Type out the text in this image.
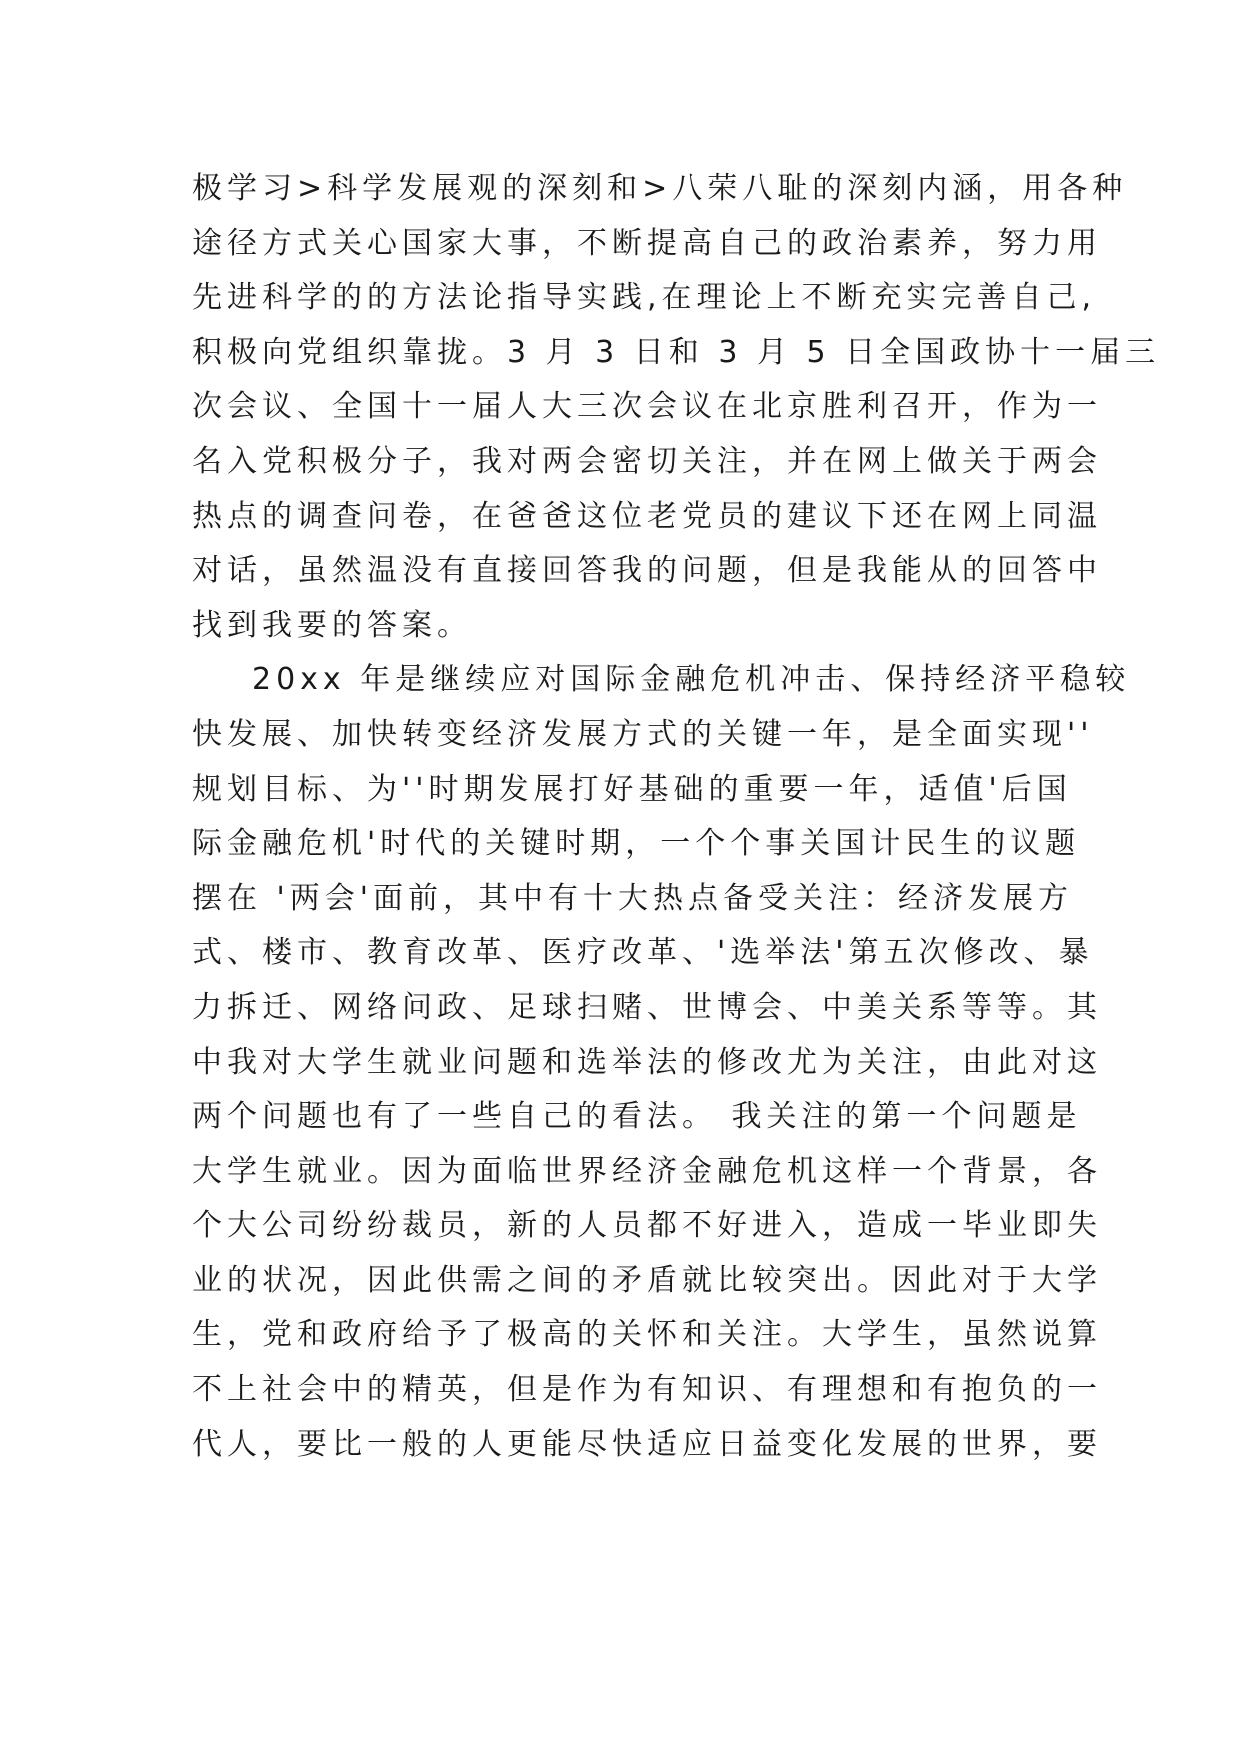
极学习>科学发展观的深刻和>八荣八耻的深刻内涵，用各种
途径方式关心国家大事，不断提高自己的政治素养，努力用
先进科学的的方法论指导实践,在理论上不断充实完善自己,
积极向党组织靠拢。3 月 3 日和 3 月 5 日全国政协十一届三
次会议、全国十一届人大三次会议在北京胜利召开，作为一
名入党积极分子，我对两会密切关注，并在网上做关于两会
热点的调查问卷，在爸爸这位老党员的建议下还在网上同温
对话，虽然温没有直接回答我的问题，但是我能从的回答中
找到我要的答案。
20xx 年是继续应对国际金融危机冲击、保持经济平稳较
快发展、加快转变经济发展方式的关键一年，是全面实现''
规划目标、为''时期发展打好基础的重要一年，适值'后国
际金融危机'时代的关键时期，一个个事关国计民生的议题
摆在 '两会'面前，其中有十大热点备受关注：经济发展方
式、楼市、教育改革、医疗改革、'选举法'第五次修改、暴
力拆迁、网络问政、足球扫赌、世博会、中美关系等等。其
中我对大学生就业问题和选举法的修改尤为关注，由此对这
两个问题也有了一些自己的看法。 我关注的第一个问题是
大学生就业。因为面临世界经济金融危机这样一个背景，各
个大公司纷纷裁员，新的人员都不好进入，造成一毕业即失
业的状况，因此供需之间的矛盾就比较突出。因此对于大学
生，党和政府给予了极高的关怀和关注。大学生，虽然说算
不上社会中的精英，但是作为有知识、有理想和有抱负的一
代人，要比一般的人更能尽快适应日益变化发展的世界，要
